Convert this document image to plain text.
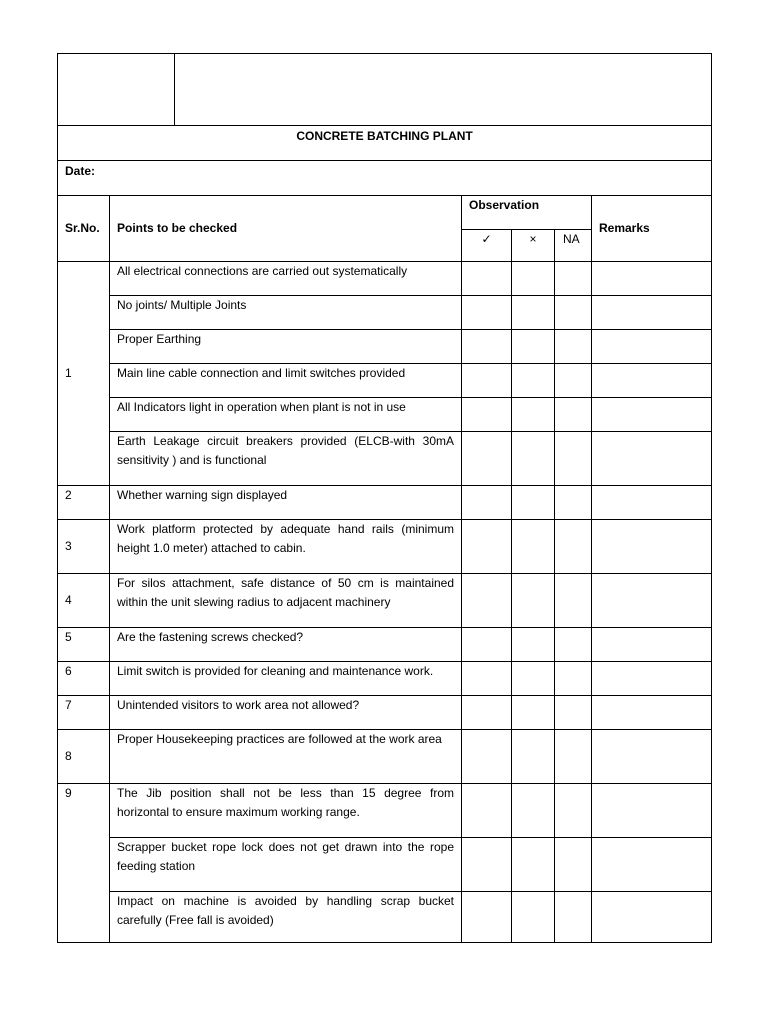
CONCRETE BATCHING PLANT						
Date:						
Sr.No.	Points to be checked		Observation			Remarks
			✓	×	NA	
1	All electrical connections are carried out systematically					
	No joints/ Multiple Joints					
	Proper Earthing					
	Main line cable connection and limit switches provided					
	All Indicators light in operation when plant is not in use					
	Earth Leakage circuit breakers provided (ELCB-with 30mA sensitivity ) and is functional					
2	Whether warning sign displayed					
3	Work platform protected by adequate hand rails (minimum height 1.0 meter) attached to cabin.					
4	For silos attachment, safe distance of 50 cm is maintained within the unit slewing radius to adjacent machinery					
5	Are the fastening screws checked?					
6	Limit switch is provided for cleaning and maintenance work.					
7	Unintended visitors to work area not allowed?					
8	Proper Housekeeping practices are followed at the work area					
9	The Jib position shall not be less than 15 degree from horizontal to ensure maximum working range.					
	Scrapper bucket rope lock does not get drawn into the rope feeding station					
	Impact on machine is avoided by handling scrap bucket carefully (Free fall is avoided)					
